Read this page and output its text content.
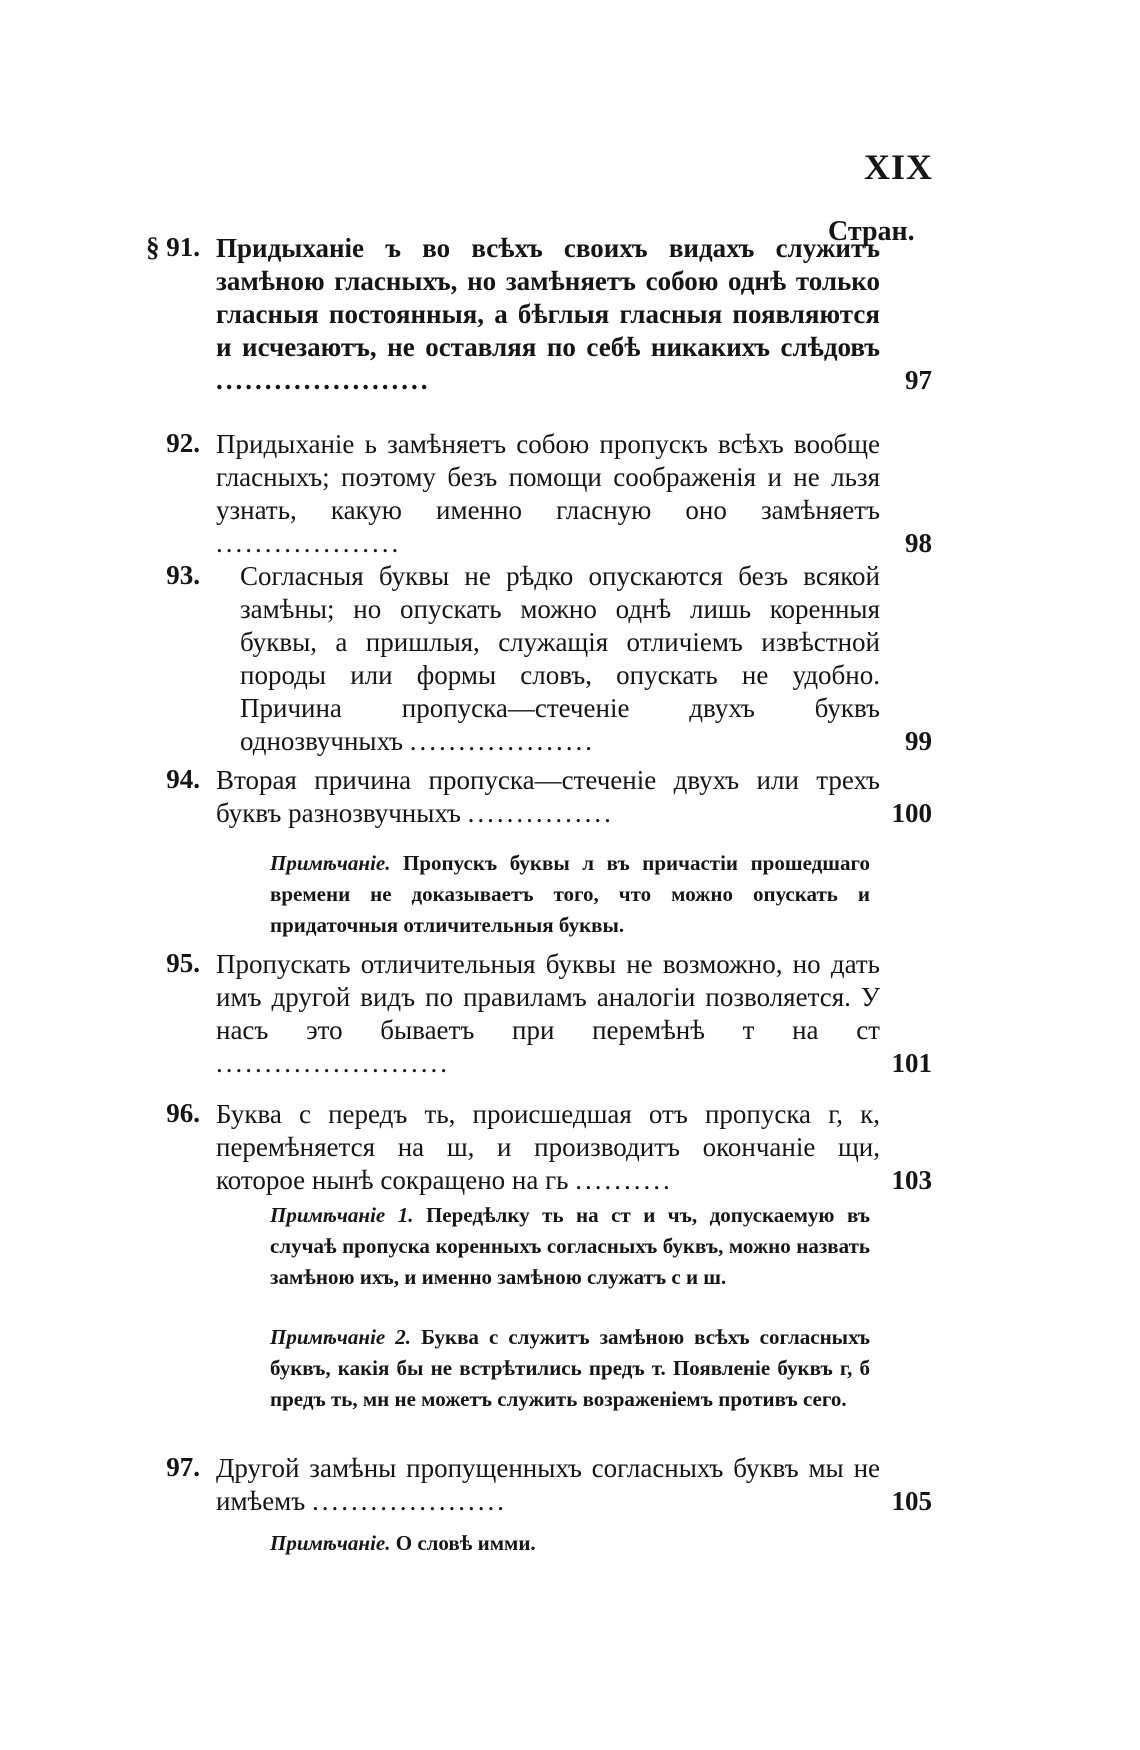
XIX
Стран.
§ 91. Придыханіе ъ во всѣхъ своихъ видахъ служитъ замѣною гласныхъ, но замѣняетъ собою однѣ только гласныя постоянныя, а бѣглыя гласныя появляются и исчезаютъ, не оставляя по себѣ никакихъ слѣдовъ ......................	97
92. Придыханіе ь замѣняетъ собою пропускъ всѣхъ вообще гласныхъ; поэтому безъ помощи соображенія и не льзя узнать, какую именно гласную оно замѣняетъ ...................	98
93. Согласныя буквы не рѣдко опускаются безъ всякой замѣны; но опускать можно однѣ лишь коренныя буквы, а пришлыя, служащія отличіемъ извѣстной породы или формы словъ, опускать не удобно. Причина пропуска—стеченіе двухъ буквъ однозвучныхъ ...................	99
94. Вторая причина пропуска—стеченіе двухъ или трехъ буквъ разнозвучныхъ ...............	100
Примѣчаніе. Пропускъ буквы л въ причастіи прошедшаго времени не доказываетъ того, что можно опускать и придаточныя отличительныя буквы.
95. Пропускать отличительныя буквы не возможно, но дать имъ другой видъ по правиламъ аналогіи позволяется. У насъ это бываетъ при перемѣнѣ т на ст ........................	101
96. Буква с передъ ть, происшедшая отъ пропуска г, к, перемѣняется на ш, и производитъ окончаніе щи, которое нынѣ сокращено на гь ..........	103
Примѣчаніе 1. Передѣлку ть на ст и чъ, допускаемую въ случаѣ пропуска коренныхъ согласныхъ буквъ, можно назвать замѣною ихъ, и именно замѣною служатъ с и ш.
Примѣчаніе 2. Буква с служитъ замѣною всѣхъ согласныхъ буквъ, какія бы не встрѣтились предъ т. Появленіе буквъ г, б предъ ть, мн не можетъ служить возраженіемъ противъ сего.
97. Другой замѣны пропущенныхъ согласныхъ буквъ мы не имѣемъ ....................	105
Примѣчаніе. О словѣ имми.
